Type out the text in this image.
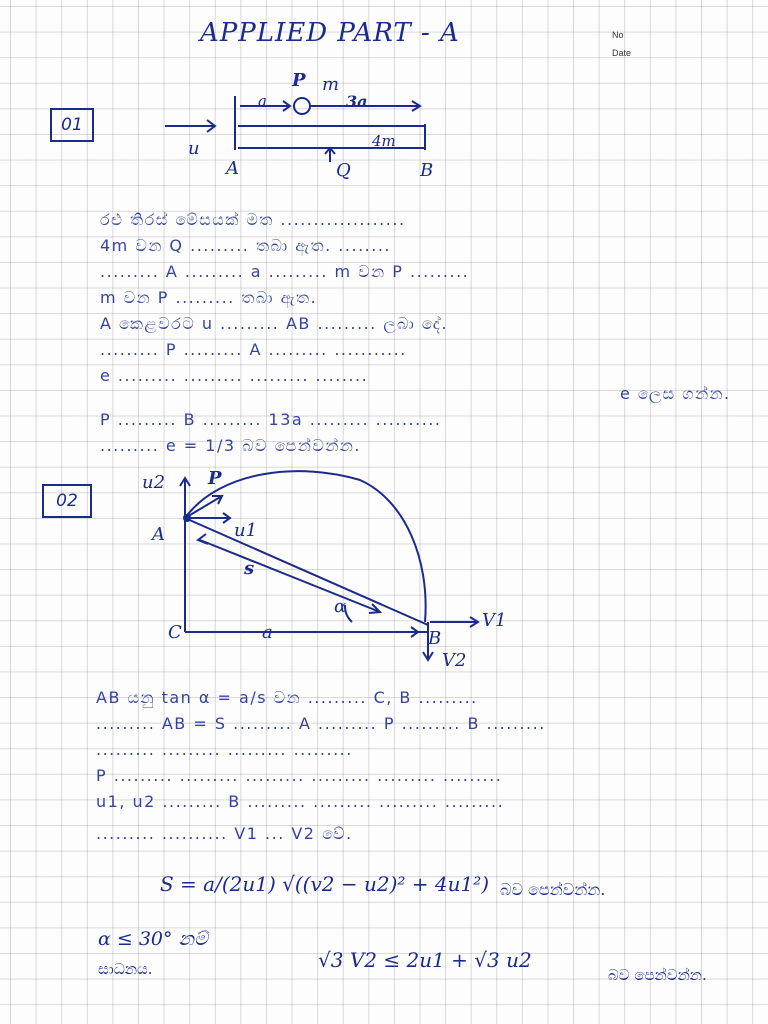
APPLIED PART - A	No
Date
01
P m
a	3a
4m
u
A	B
Q
රළු තිරස් මේසයක් මත ...................
4m වන Q ......... තබා ඇත. ........
......... A ......... a ......... m වන P .........
m වන P ......... තබා ඇත.
A කෙළවරට u ......... AB ......... ලබා දේ.
......... P ......... A ......... ...........
e ......... ......... ......... ........
e ලෙස ගන්න.
P ......... B ......... 13a ......... ..........
......... e = 1/3 බව පෙන්වන්න.
02
u2 P
u1
A
s
α
C	a	B
V1
V2
AB යනු tan α = a/s වන ......... C, B .........
......... AB = S ......... A ......... P ......... B .........
......... ......... ......... .........
P ......... ......... ......... ......... ......... .........
u1, u2 ......... B ......... ......... ......... .........
......... .......... V1 ... V2 වේ.
S = a/(2u1) √((v2 − u2)² + 4u1²) බව පෙන්වන්න.
α ≤ 30° නම්
සාධනය.	√3 V2 ≤ 2u1 + √3 u2
බව පෙන්වන්න.
